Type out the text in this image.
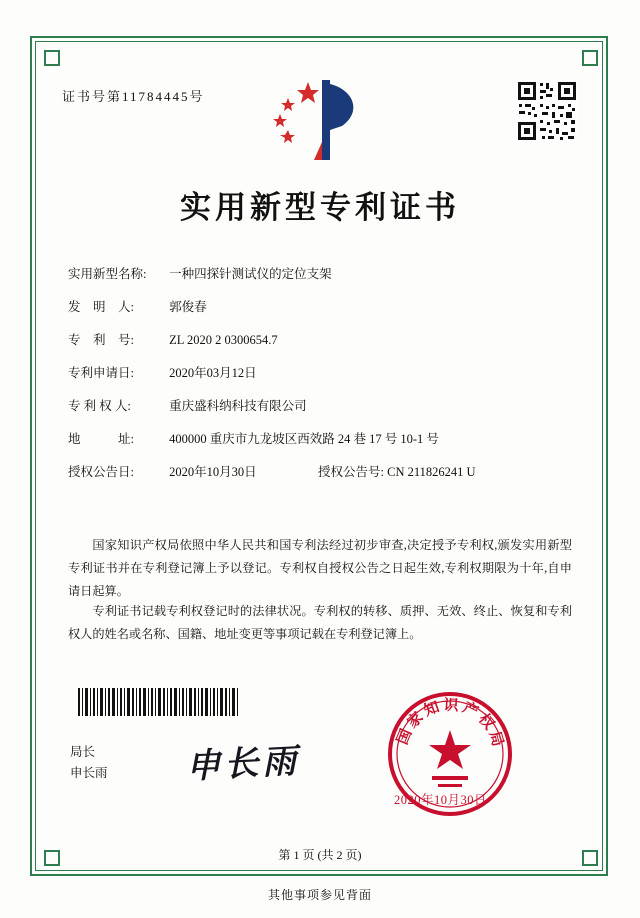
证书号第11784445号
实用新型专利证书
实用新型名称: 一种四探针测试仪的定位支架
发　明　人:	郭俊春
专　利　号:	ZL 2020 2 0300654.7
专利申请日:	2020年03月12日
专 利 权 人:	重庆盛科纳科技有限公司
地　　　址:	400000 重庆市九龙坡区西效路 24 巷 17 号 10-1 号
授权公告日:	2020年10月30日	授权公告号: CN 211826241 U
国家知识产权局依照中华人民共和国专利法经过初步审查,决定授予专利权,颁发实用新型专利证书并在专利登记簿上予以登记。专利权自授权公告之日起生效,专利权期限为十年,自申请日起算。
专利证书记载专利权登记时的法律状况。专利权的转移、质押、无效、终止、恢复和专利权人的姓名或名称、国籍、地址变更等事项记载在专利登记簿上。
局长
申长雨 申长雨
国家知识产权局
2020年10月30日
第 1 页 (共 2 页)
其他事项参见背面
